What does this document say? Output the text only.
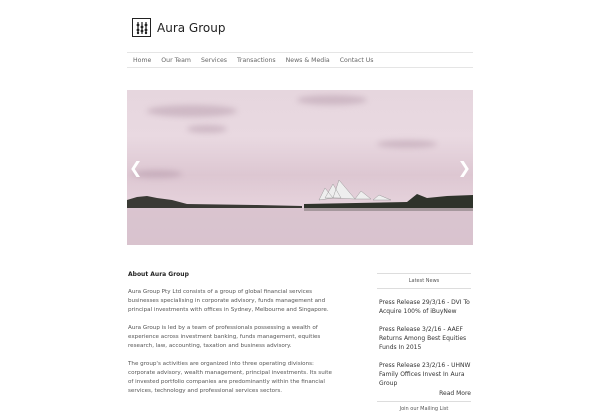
Aura Group
Home Our Team Services Transactions News & Media Contact Us
❮	❯
About Aura Group

Aura Group Pty Ltd consists of a group of global financial services businesses specialising in corporate advisory, funds management and principal investments with offices in Sydney, Melbourne and Singapore.

Aura Group is led by a team of professionals possessing a wealth of experience across investment banking, funds management, equities research, law, accounting, taxation and business advisory.

The group's activities are organized into three operating divisions: corporate advisory, wealth management, principal investments. Its suite of invested portfolio companies are predominantly within the financial services, technology and professional services sectors.

Latest News
Press Release 29/3/16 - DVI To Acquire 100% of iBuyNew
Press Release 3/2/16 - AAEF Returns Among Best Equities Funds In 2015
Press Release 23/2/16 - UHNW Family Offices Invest In Aura Group
Read More
Join our Mailing List
